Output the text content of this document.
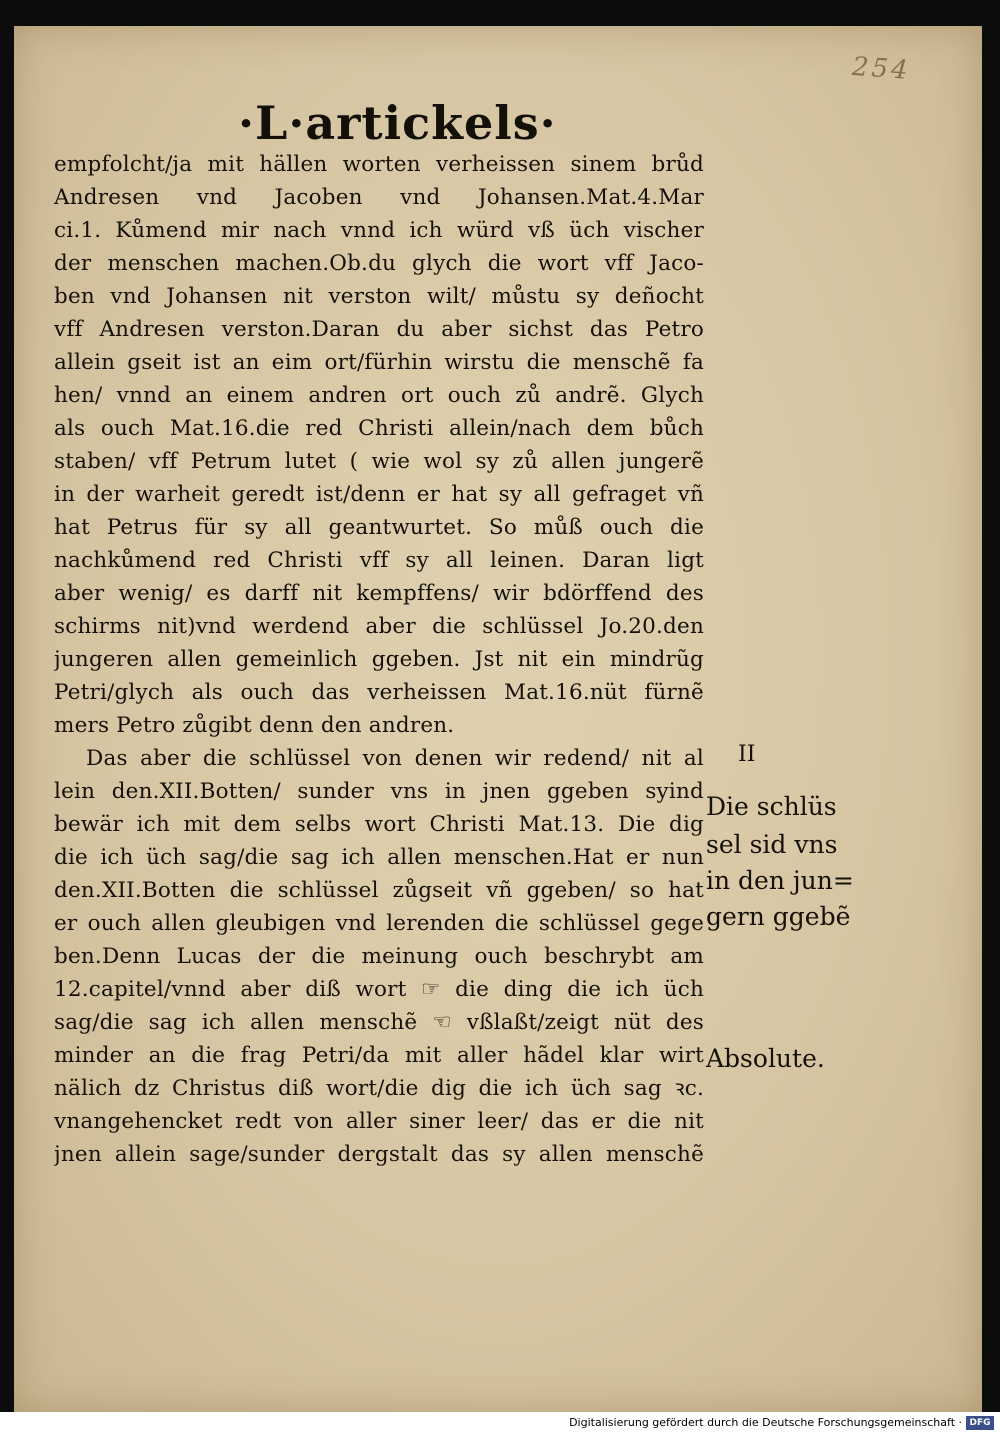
254
·L·artickels·
empfolcht/ja mit hällen worten verheissen sinem brůd
Andresen vnd Jacoben vnd Johansen.Mat.4.Mar
ci.1. Kůmend mir nach vnnd ich würd vß üch vischer
der menschen machen.Ob.du glych die wort vff Jaco-
ben vnd Johansen nit verston wilt/ můstu sy deñocht
vff Andresen verston.Daran du aber sichst das Petro
allein gseit ist an eim ort/fürhin wirstu die menschẽ fa
hen/ vnnd an einem andren ort ouch zů andrẽ. Glych
als ouch Mat.16.die red Christi allein/nach dem bůch
staben/ vff Petrum lutet ( wie wol sy zů allen jungerẽ
in der warheit geredt ist/denn er hat sy all gefraget vñ
hat Petrus für sy all geantwurtet. So můß ouch die
nachkůmend red Christi vff sy all leinen. Daran ligt
aber wenig/ es darff nit kempffens/ wir bdörffend des
schirms nit)vnd werdend aber die schlüssel Jo.20.den
jungeren allen gemeinlich ggeben. Jst nit ein mindrũg
Petri/glych als ouch das verheissen Mat.16.nüt fürnẽ
mers Petro zůgibt denn den andren.
Das aber die schlüssel von denen wir redend/ nit al
lein den.XII.Botten/ sunder vns in jnen ggeben syind
bewär ich mit dem selbs wort Christi Mat.13. Die dig
die ich üch sag/die sag ich allen menschen.Hat er nun
den.XII.Botten die schlüssel zůgseit vñ ggeben/ so hat
er ouch allen gleubigen vnd lerenden die schlüssel gege
ben.Denn Lucas der die meinung ouch beschrybt am
12.capitel/vnnd aber diß wort ☞ die ding die ich üch
sag/die sag ich allen menschẽ ☜ vßlaßt/zeigt nüt des
minder an die frag Petri/da mit aller hãdel klar wirt
nälich dz Christus diß wort/die dig die ich üch sag ꝛc.
vnangehencket redt von aller siner leer/ das er die nit
jnen allein sage/sunder dergstalt das sy allen menschẽ
II
Die schlüs
sel sid vns
in den jun=
gern ggebẽ
Absolute.
Digitalisierung gefördert durch die Deutsche Forschungsgemeinschaft · DFG
